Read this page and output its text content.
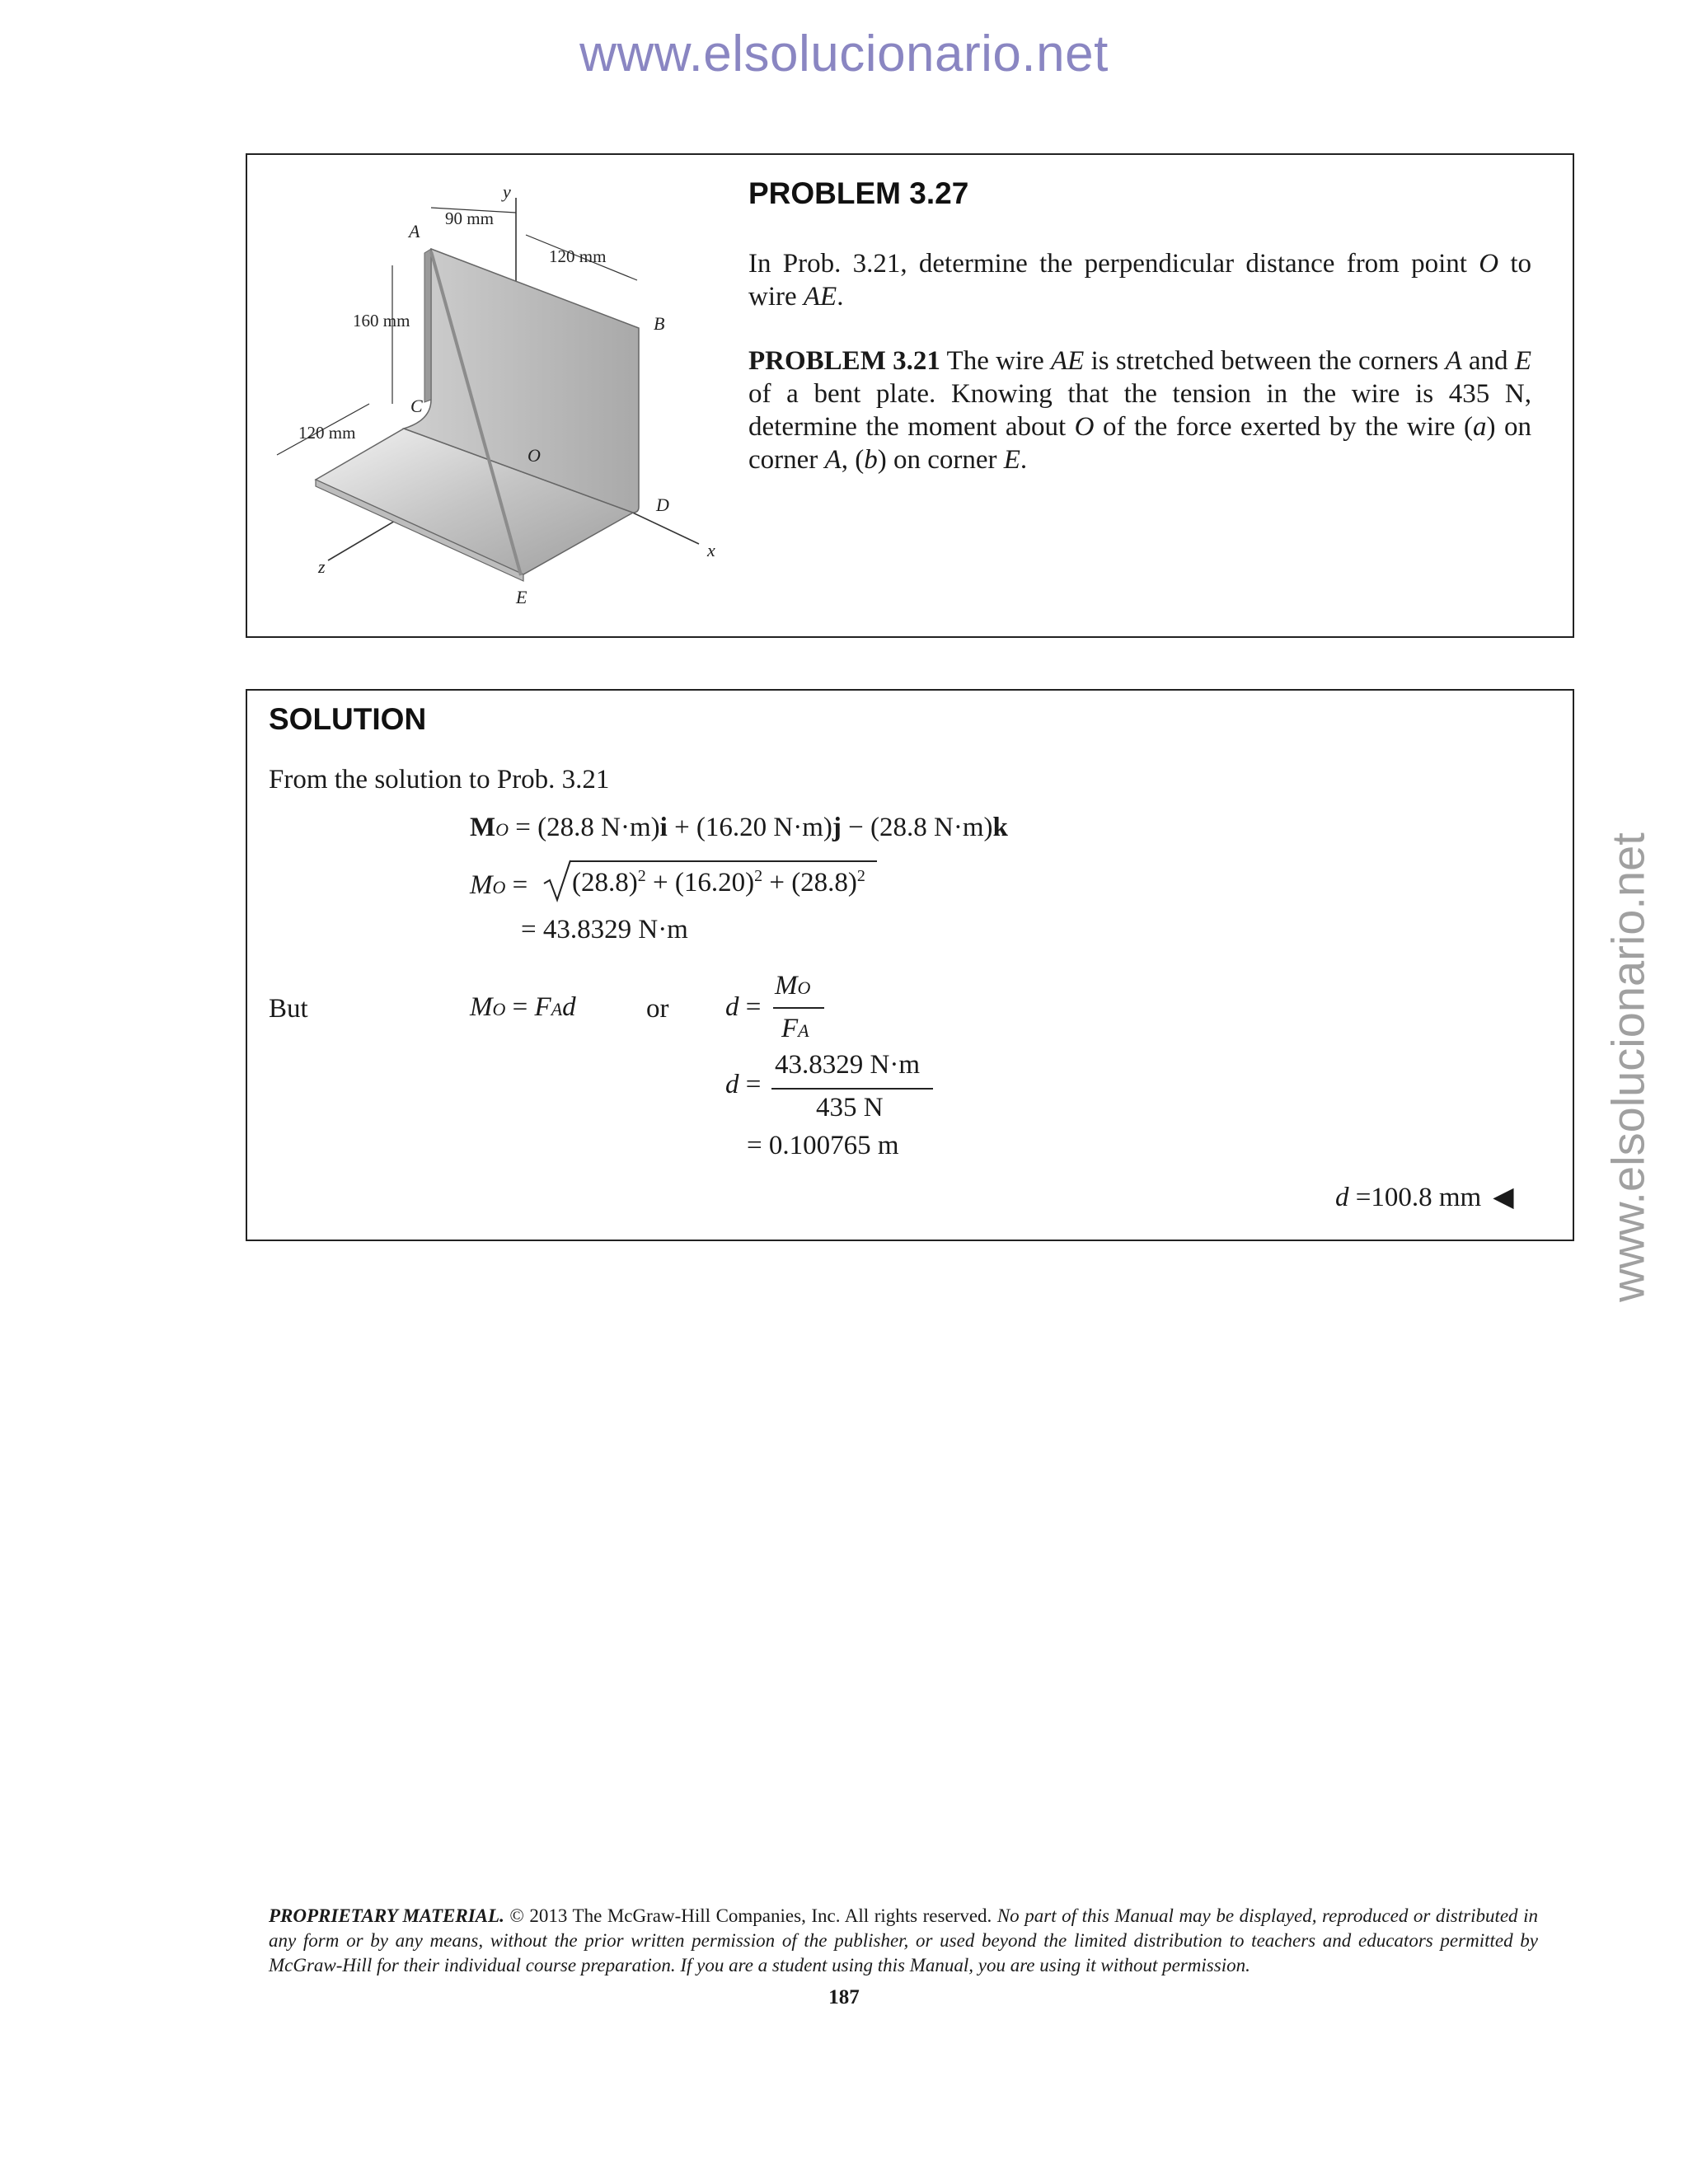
www.elsolucionario.net
www.elsolucionario.net
y
x
z
A
B
C
D
E
O
90 mm
120 mm
160 mm
120 mm
PROBLEM 3.27
In Prob. 3.21, determine the perpendicular distance from point O to wire AE.
PROBLEM 3.21 The wire AE is stretched between the corners A and E of a bent plate. Knowing that the tension in the wire is 435 N, determine the moment about O of the force exerted by the wire (a) on corner A, (b) on corner E.
SOLUTION
From the solution to Prob. 3.21
MO = (28.8 N·m)i + (16.20 N·m)j − (28.8 N·m)k
MO = $(28.8)^2 + (16.20)^2 + (28.8)^2$
= 43.8329 N·m
But	MO = FAd	or d =
MO
FA
d =
43.8329 N·m
435 N
= 0.100765 m
d =100.8 mm ◀
PROPRIETARY MATERIAL. © 2013 The McGraw-Hill Companies, Inc. All rights reserved. No part of this Manual may be displayed, reproduced or distributed in any form or by any means, without the prior written permission of the publisher, or used beyond the limited distribution to teachers and educators permitted by McGraw-Hill for their individual course preparation. If you are a student using this Manual, you are using it without permission.
187
